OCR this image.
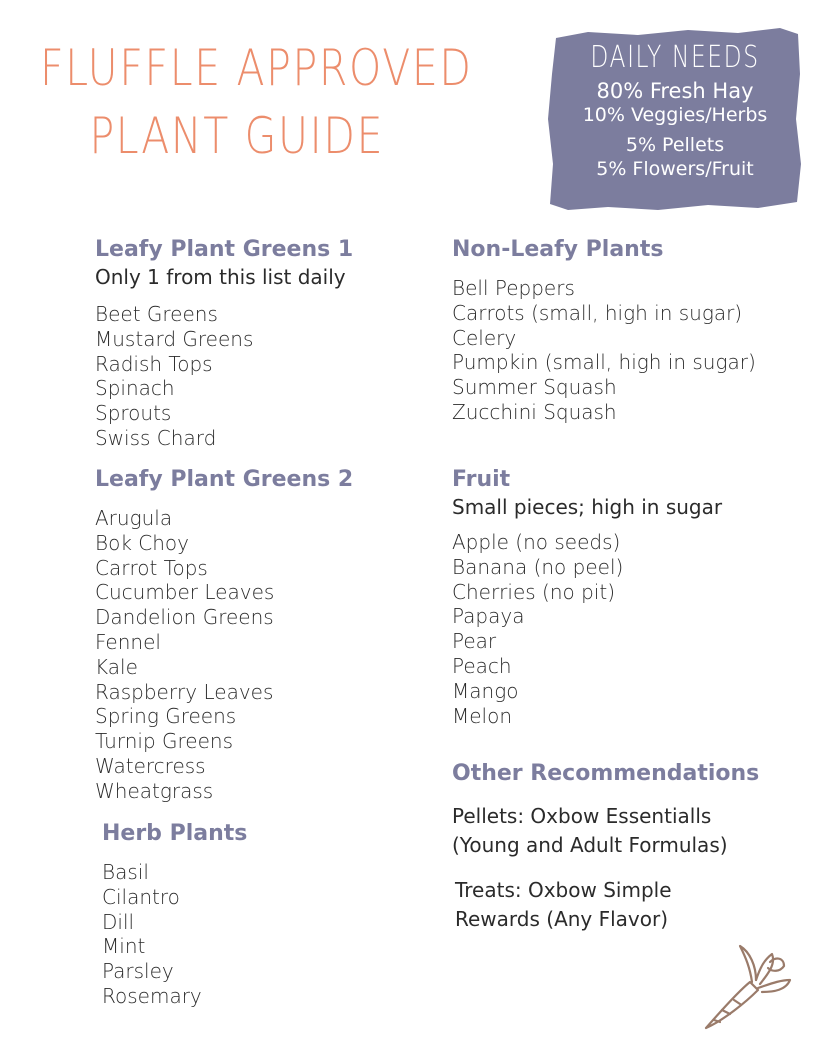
FLUFFLE APPROVED
PLANT GUIDE
DAILY NEEDS
80% Fresh Hay
10% Veggies/Herbs
5% Pellets
5% Flowers/Fruit
Leafy Plant Greens 1

Only 1 from this list daily

Beet Greens
Mustard Greens
Radish Tops
Spinach
Sprouts
Swiss Chard
Leafy Plant Greens 2
Arugula
Bok Choy
Carrot Tops
Cucumber Leaves
Dandelion Greens
Fennel
Kale
Raspberry Leaves
Spring Greens
Turnip Greens
Watercress
Wheatgrass
Herb Plants
Basil
Cilantro
Dill
Mint
Parsley
Rosemary
Non-Leafy Plants
Bell Peppers
Carrots (small, high in sugar)
Celery
Pumpkin (small, high in sugar)
Summer Squash
Zucchini Squash
Fruit

Small pieces; high in sugar

Apple (no seeds)
Banana (no peel)
Cherries (no pit)
Papaya
Pear
Peach
Mango
Melon
Other Recommendations

Pellets: Oxbow Essentialls

(Young and Adult Formulas)

Treats: Oxbow Simple

Rewards (Any Flavor)
